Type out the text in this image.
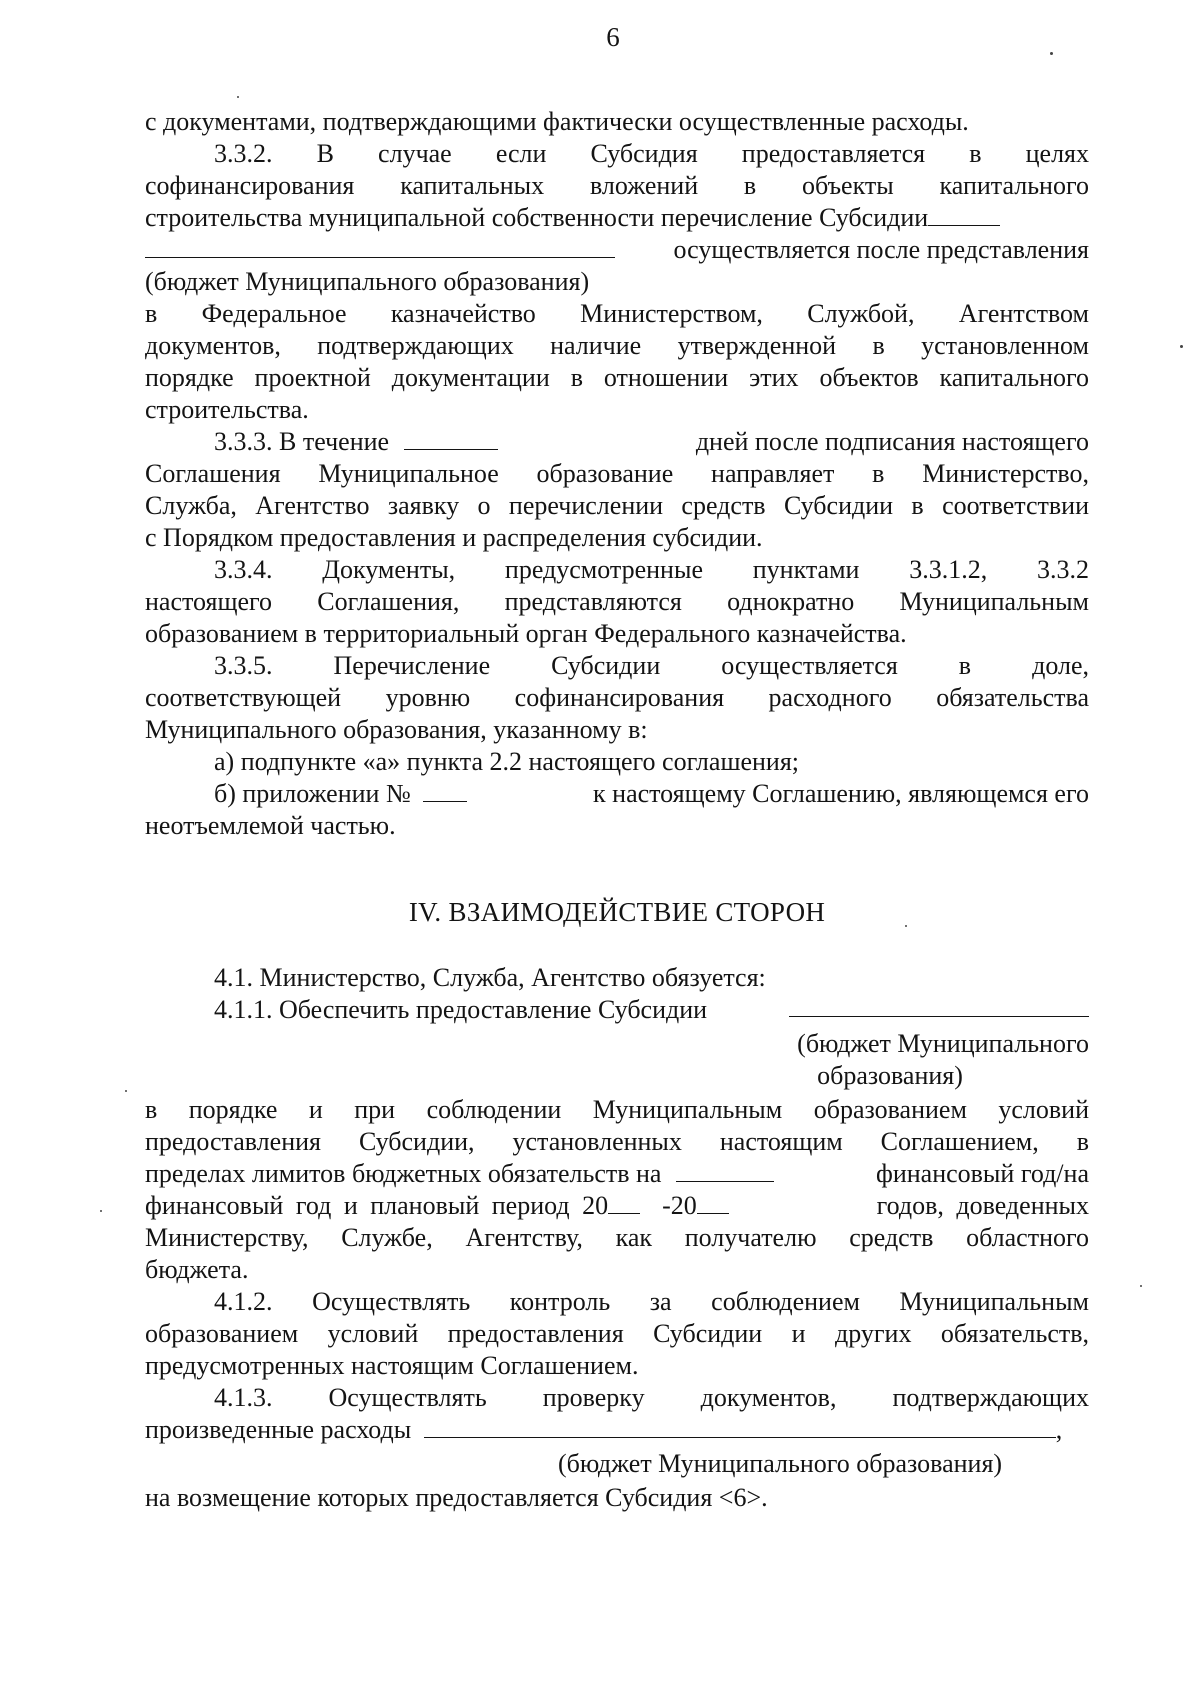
6
с документами, подтверждающими фактически осуществленные расходы.
3.3.2. В случае если Субсидия предоставляется в целях
софинансирования капитальных вложений в объекты капитального
строительства муниципальной собственности перечисление Субсидии
осуществляется после представления
(бюджет Муниципального образования)
в Федеральное казначейство Министерством, Службой, Агентством
документов, подтверждающих наличие утвержденной в установленном
порядке проектной документации в отношении этих объектов капитального
строительства.
3.3.3. В течение	дней после подписания настоящего
Соглашения Муниципальное образование направляет в Министерство,
Служба, Агентство заявку о перечислении средств Субсидии в соответствии
с Порядком предоставления и распределения субсидии.
3.3.4. Документы, предусмотренные пунктами 3.3.1.2, 3.3.2
настоящего Соглашения, представляются однократно Муниципальным
образованием в территориальный орган Федерального казначейства.
3.3.5. Перечисление Субсидии осуществляется в доле,
соответствующей уровню софинансирования расходного обязательства
Муниципального образования, указанному в:
а) подпункте «а» пункта 2.2 настоящего соглашения;
б) приложении №	к настоящему Соглашению, являющемся его
неотъемлемой частью.
IV. ВЗАИМОДЕЙСТВИЕ СТОРОН
4.1. Министерство, Служба, Агентство обязуется:
4.1.1. Обеспечить предоставление Субсидии
(бюджет Муниципального
образования)
в порядке и при соблюдении Муниципальным образованием условий
предоставления Субсидии, установленных настоящим Соглашением, в
пределах лимитов бюджетных обязательств на	финансовый год/на
финансовый год и плановый период 20 -20	годов, доведенных
Министерству, Службе, Агентству, как получателю средств областного
бюджета.
4.1.2. Осуществлять контроль за соблюдением Муниципальным
образованием условий предоставления Субсидии и других обязательств,
предусмотренных настоящим Соглашением.
4.1.3. Осуществлять проверку документов, подтверждающих
произведенные расходы	,
(бюджет Муниципального образования)
на возмещение которых предоставляется Субсидия <6>.
